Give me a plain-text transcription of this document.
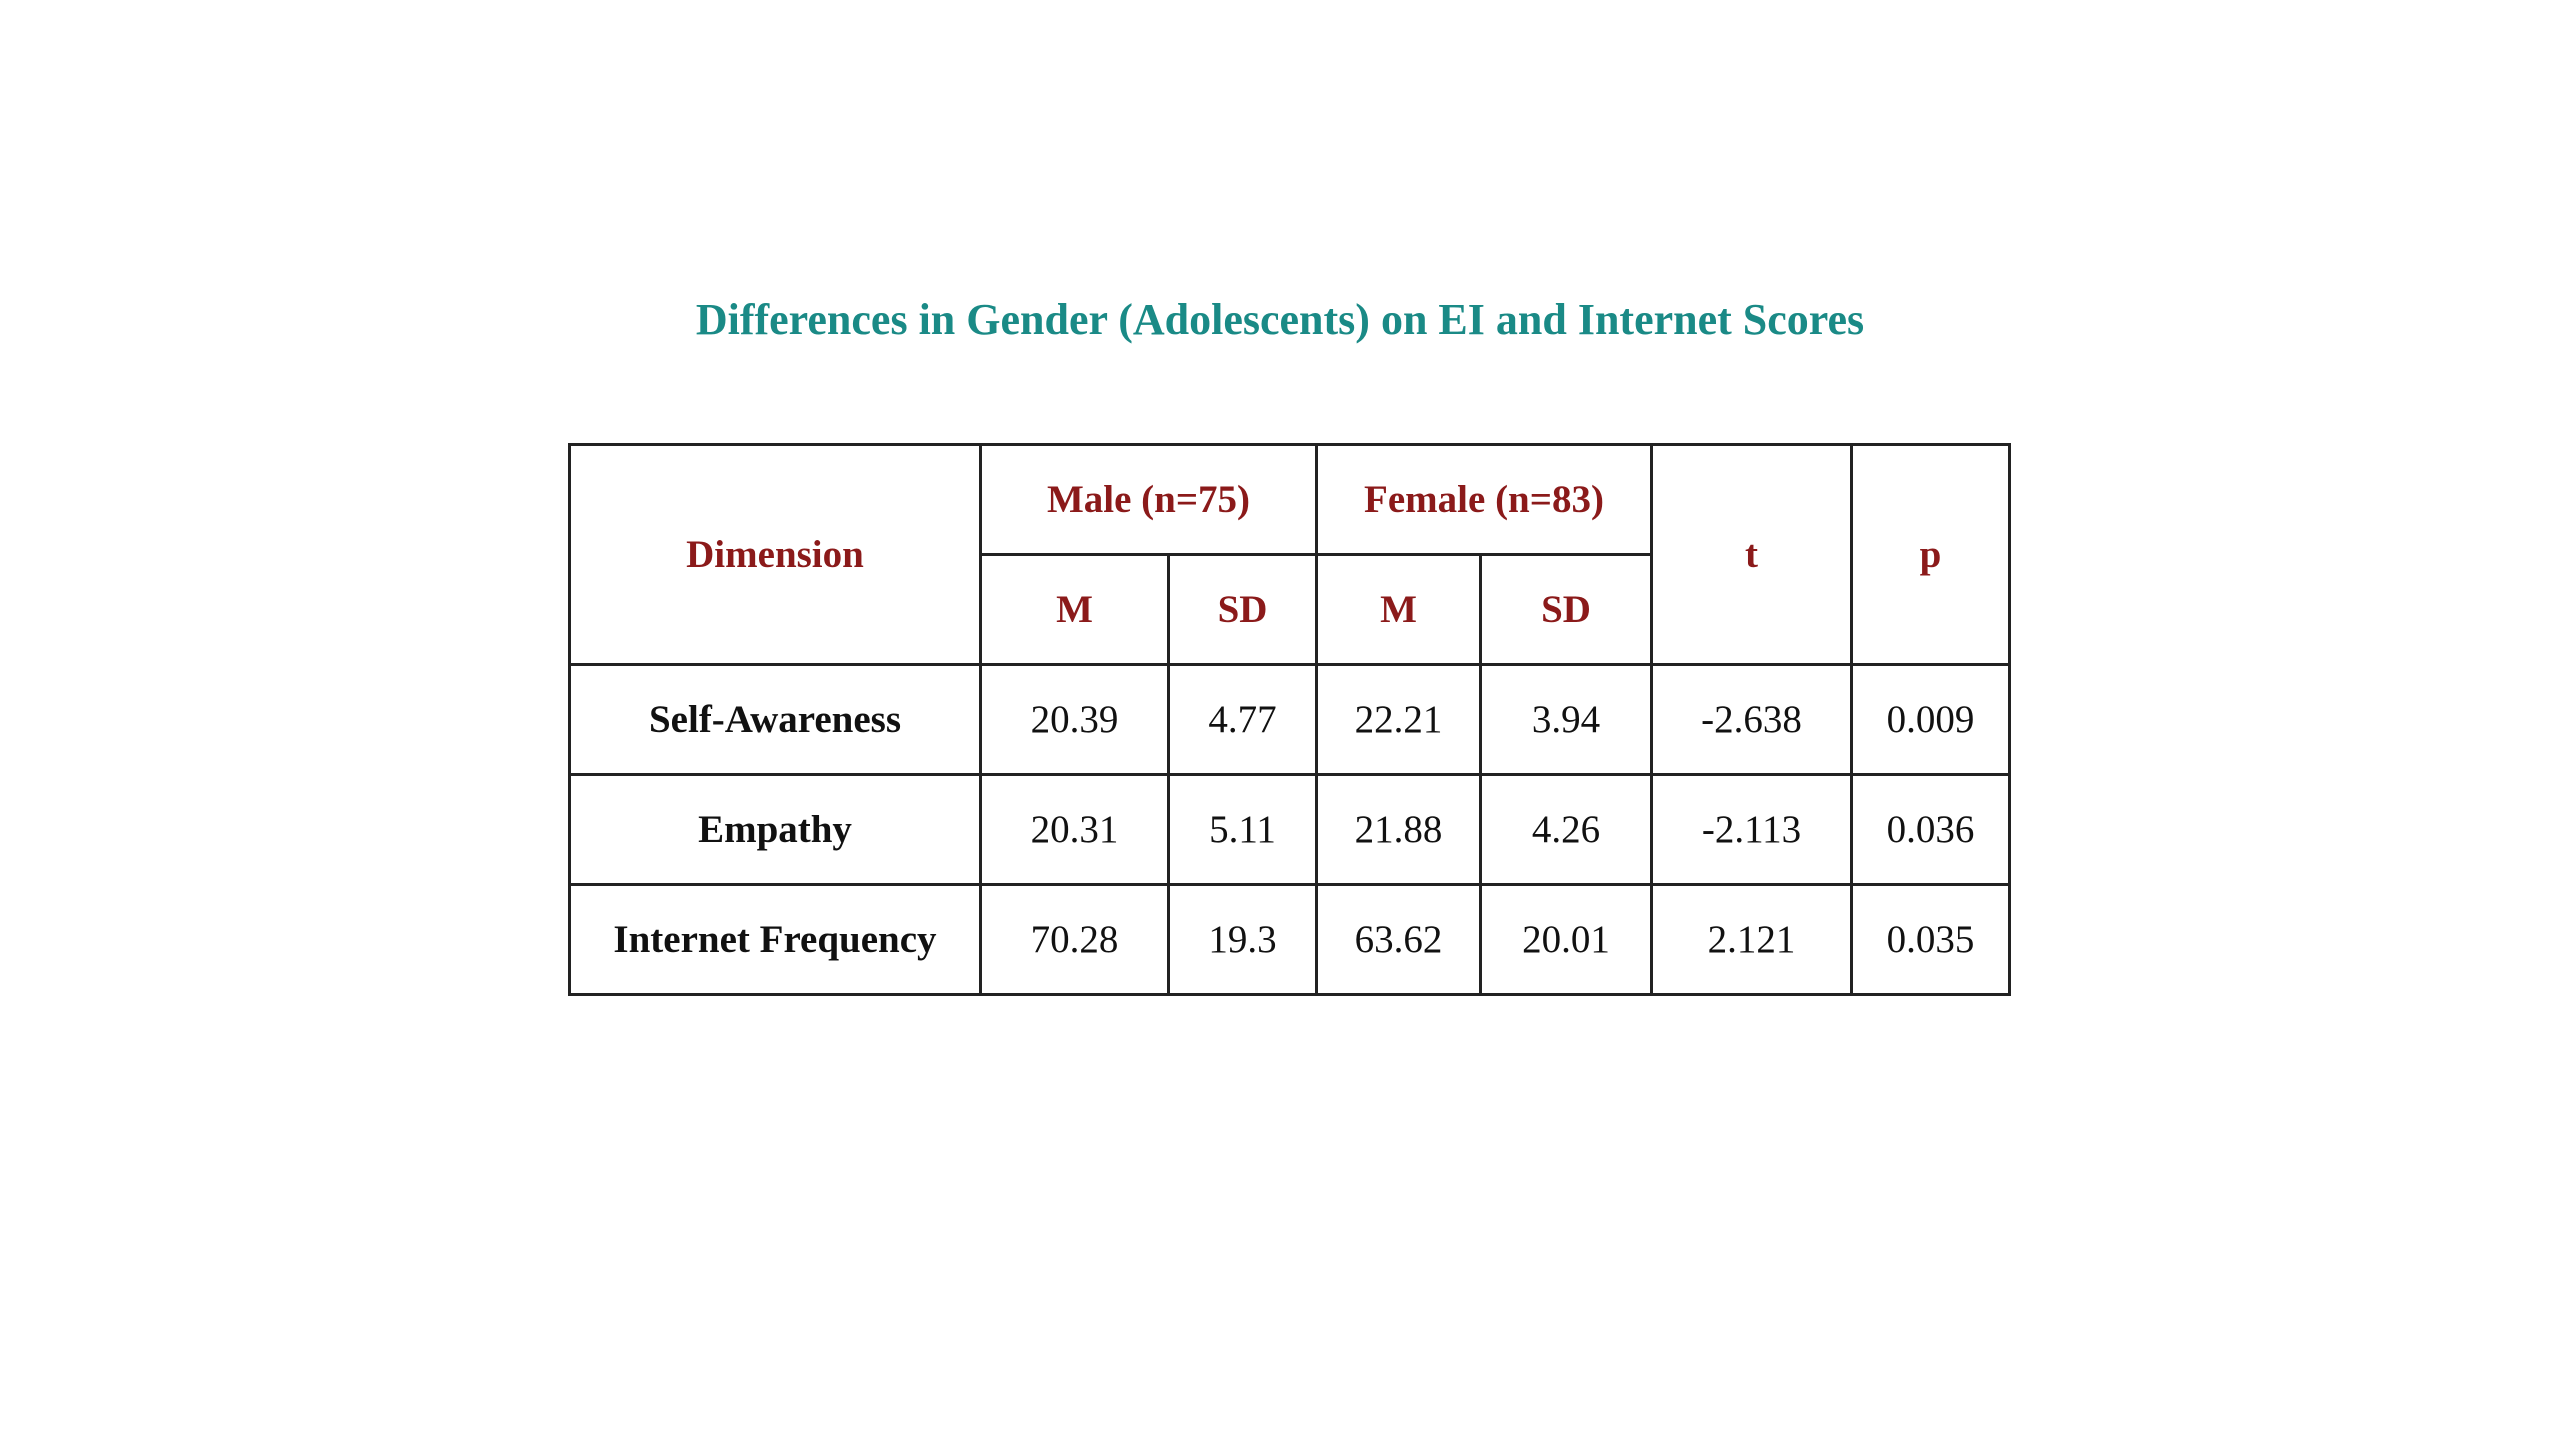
Differences in Gender (Adolescents) on EI and Internet Scores
Dimension	Male (n=75)		Female (n=83)		t	p
	M	SD	M	SD		
Self-Awareness	20.39	4.77	22.21	3.94	-2.638	0.009
Empathy	20.31	5.11	21.88	4.26	-2.113	0.036
Internet Frequency	70.28	19.3	63.62	20.01	2.121	0.035
